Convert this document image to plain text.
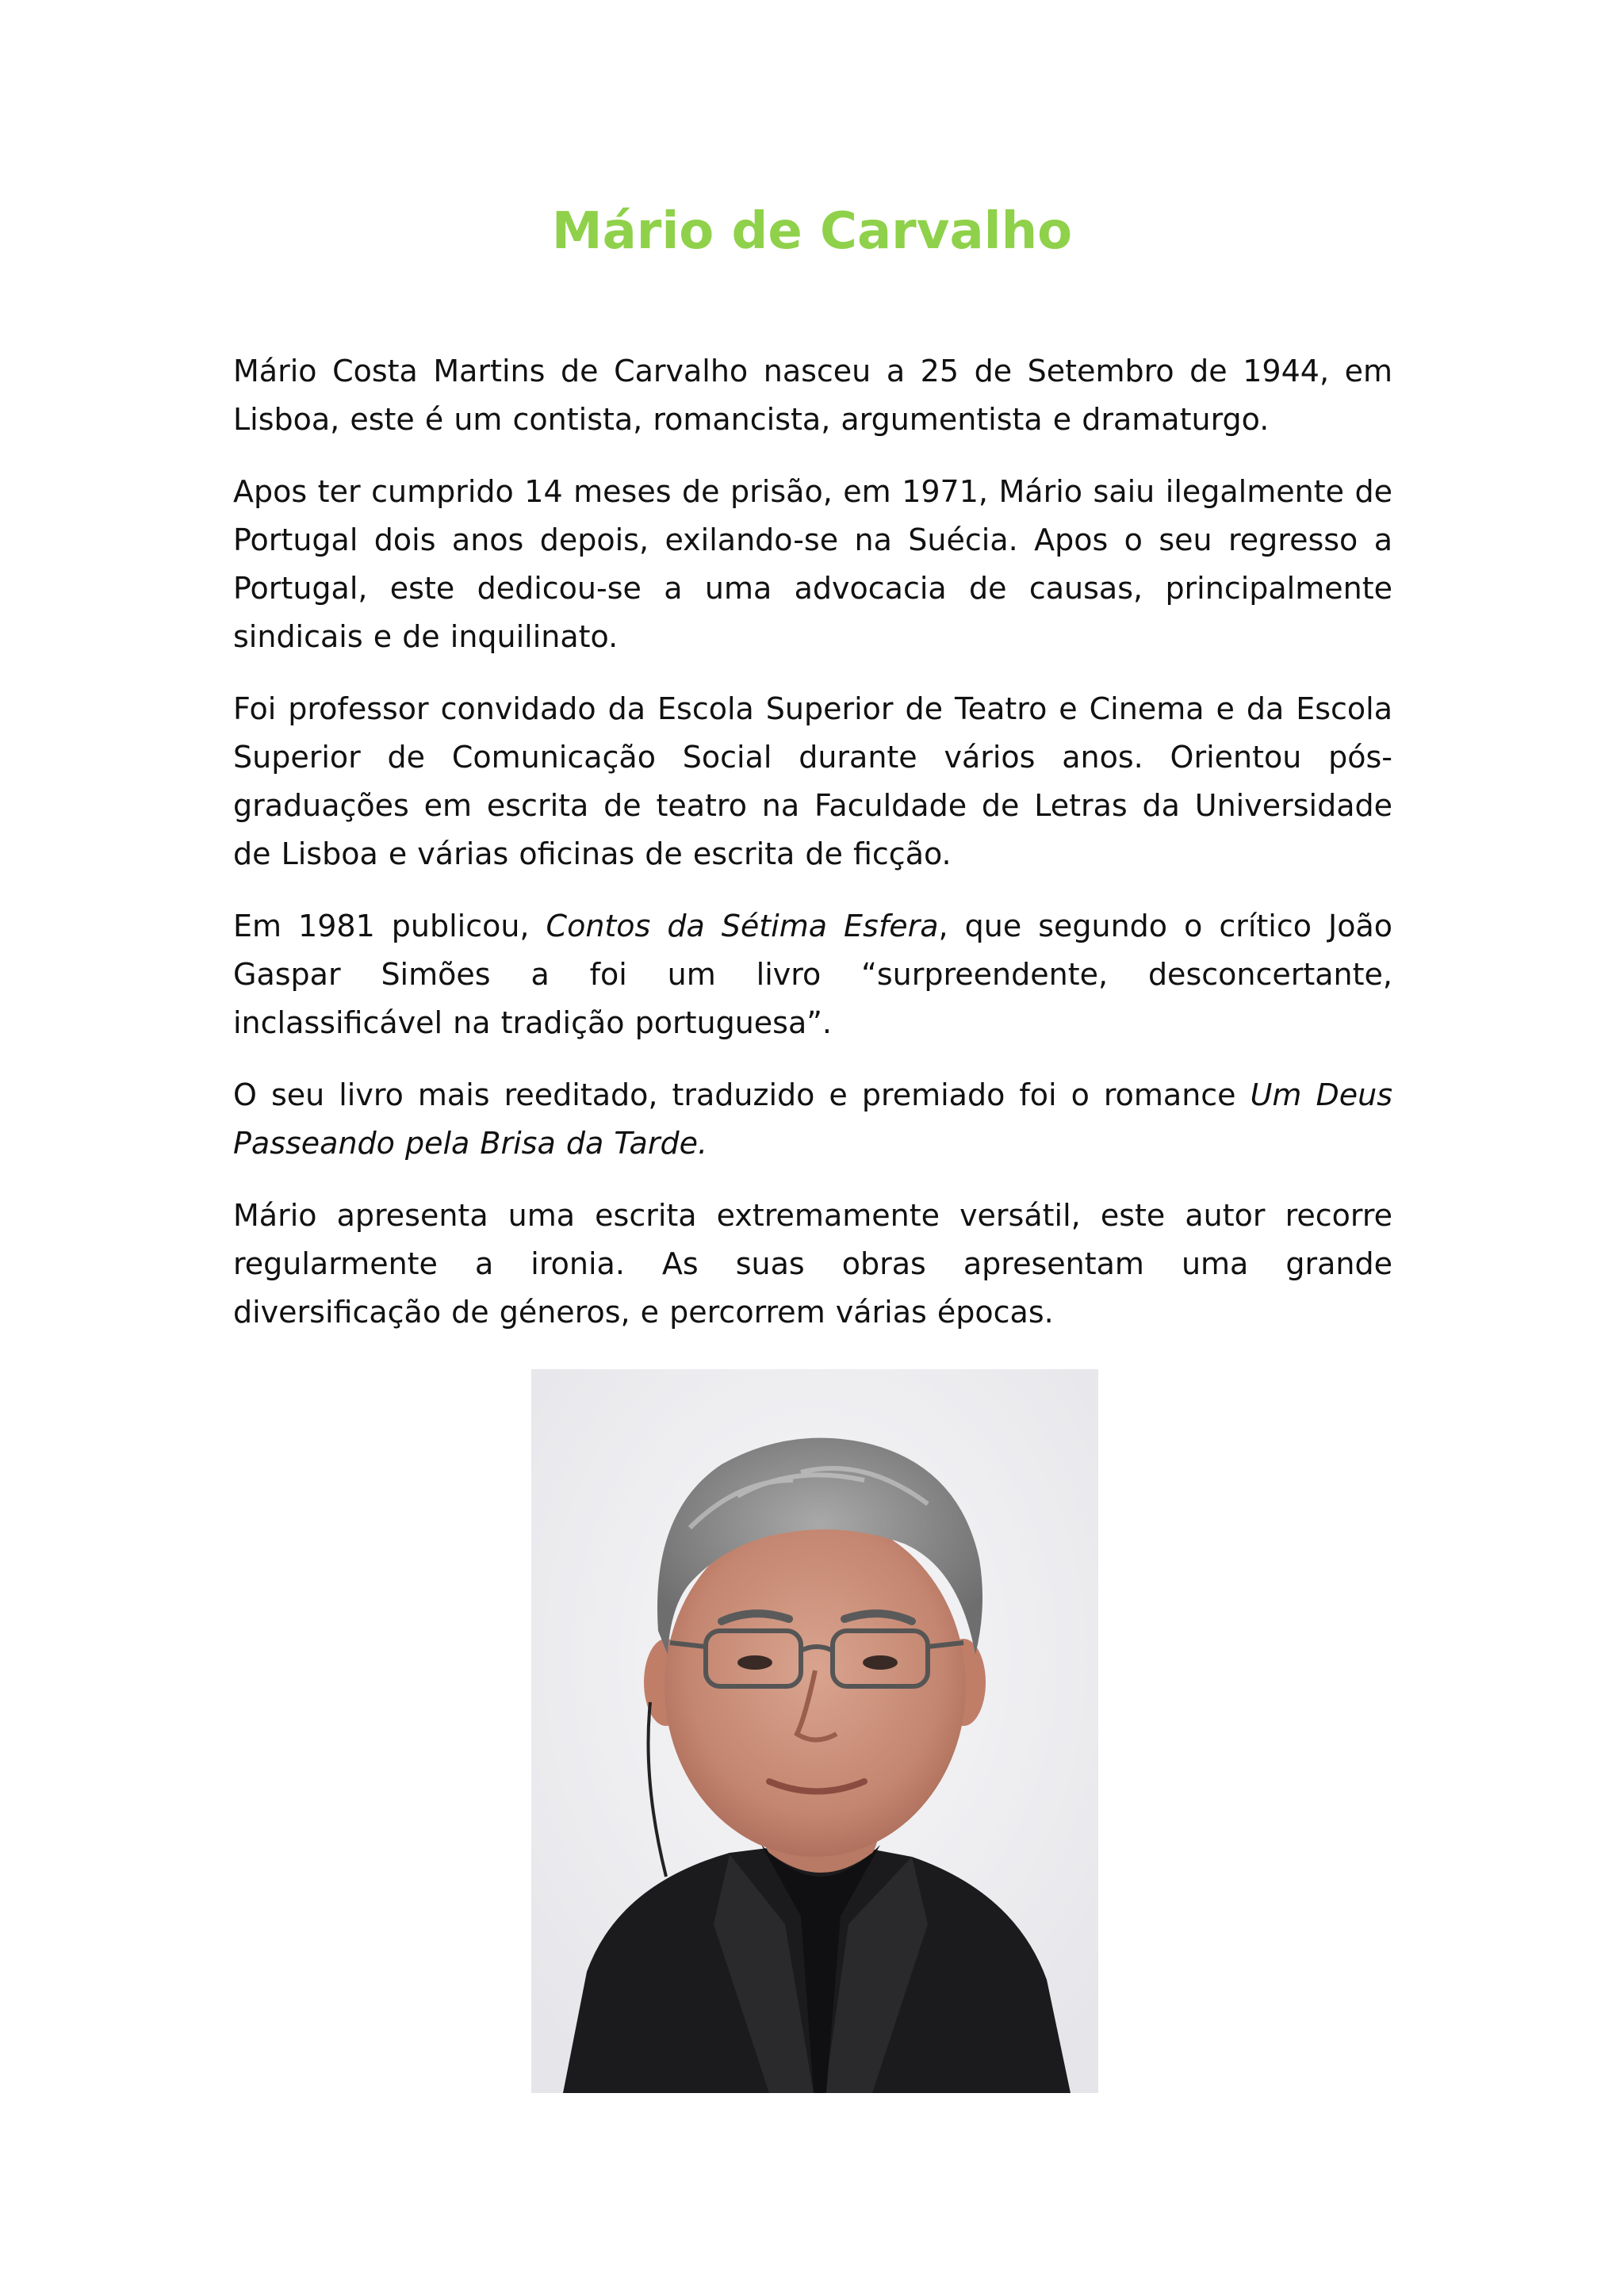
Mário de Carvalho

Mário Costa Martins de Carvalho nasceu a 25 de Setembro de 1944, em Lisboa, este é um contista, romancista, argumentista e dramaturgo.

Apos ter cumprido 14 meses de prisão, em 1971, Mário saiu ilegalmente de Portugal dois anos depois, exilando-se na Suécia. Apos o seu regresso a Portugal, este dedicou-se a uma advocacia de causas, principalmente sindicais e de inquilinato.

Foi professor convidado da Escola Superior de Teatro e Cinema e da Escola Superior de Comunicação Social durante vários anos. Orientou pós-graduações em escrita de teatro na Faculdade de Letras da Universidade de Lisboa e várias oficinas de escrita de ficção.

Em 1981 publicou, Contos da Sétima Esfera, que segundo o crítico João Gaspar Simões a foi um livro “surpreendente, desconcertante, inclassificável na tradição portuguesa”.

O seu livro mais reeditado, traduzido e premiado foi o romance Um Deus Passeando pela Brisa da Tarde.

Mário apresenta uma escrita extremamente versátil, este autor recorre regularmente a ironia. As suas obras apresentam uma grande diversificação de géneros, e percorrem várias épocas.
